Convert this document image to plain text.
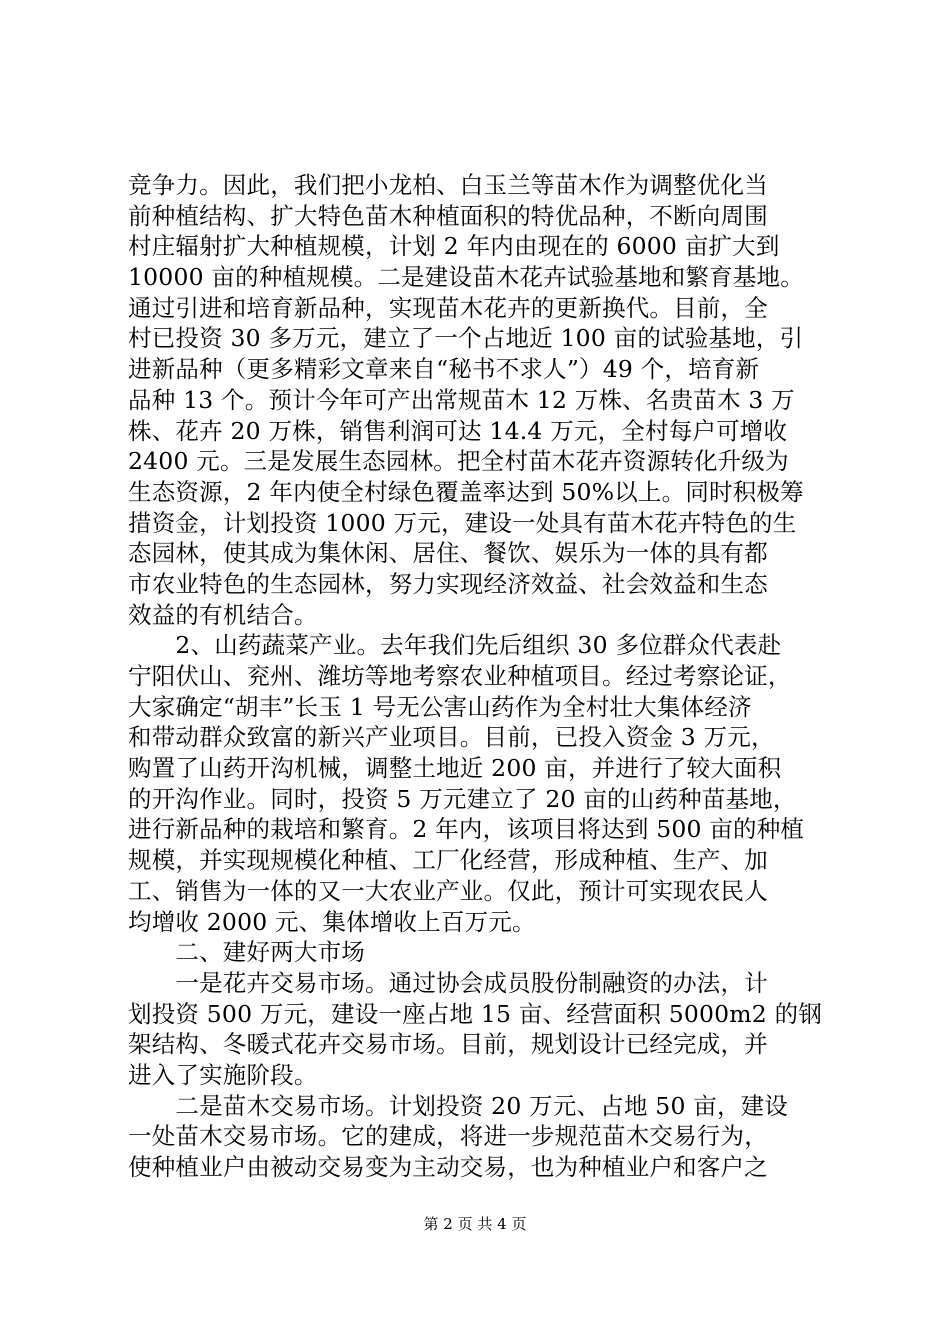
竞争力。因此，我们把小龙柏、白玉兰等苗木作为调整优化当
前种植结构、扩大特色苗木种植面积的特优品种，不断向周围
村庄辐射扩大种植规模，计划 2 年内由现在的 6000 亩扩大到
10000 亩的种植规模。二是建设苗木花卉试验基地和繁育基地。
通过引进和培育新品种，实现苗木花卉的更新换代。目前，全
村已投资 30 多万元，建立了一个占地近 100 亩的试验基地，引
进新品种（更多精彩文章来自“秘书不求人”）49 个，培育新
品种 13 个。预计今年可产出常规苗木 12 万株、名贵苗木 3 万
株、花卉 20 万株，销售利润可达 14.4 万元，全村每户可增收
2400 元。三是发展生态园林。把全村苗木花卉资源转化升级为
生态资源，2 年内使全村绿色覆盖率达到 50%以上。同时积极筹
措资金，计划投资 1000 万元，建设一处具有苗木花卉特色的生
态园林，使其成为集休闲、居住、餐饮、娱乐为一体的具有都
市农业特色的生态园林，努力实现经济效益、社会效益和生态
效益的有机结合。
　　2、山药蔬菜产业。去年我们先后组织 30 多位群众代表赴
宁阳伏山、兖州、潍坊等地考察农业种植项目。经过考察论证，
大家确定“胡丰”长玉 1 号无公害山药作为全村壮大集体经济
和带动群众致富的新兴产业项目。目前，已投入资金 3 万元，
购置了山药开沟机械，调整土地近 200 亩，并进行了较大面积
的开沟作业。同时，投资 5 万元建立了 20 亩的山药种苗基地，
进行新品种的栽培和繁育。2 年内，该项目将达到 500 亩的种植
规模，并实现规模化种植、工厂化经营，形成种植、生产、加
工、销售为一体的又一大农业产业。仅此，预计可实现农民人
均增收 2000 元、集体增收上百万元。
　　二、建好两大市场
　　一是花卉交易市场。通过协会成员股份制融资的办法，计
划投资 500 万元，建设一座占地 15 亩、经营面积 5000m2 的钢
架结构、冬暖式花卉交易市场。目前，规划设计已经完成，并
进入了实施阶段。
　　二是苗木交易市场。计划投资 20 万元、占地 50 亩，建设
一处苗木交易市场。它的建成，将进一步规范苗木交易行为，
使种植业户由被动交易变为主动交易，也为种植业户和客户之
第 2 页 共 4 页
